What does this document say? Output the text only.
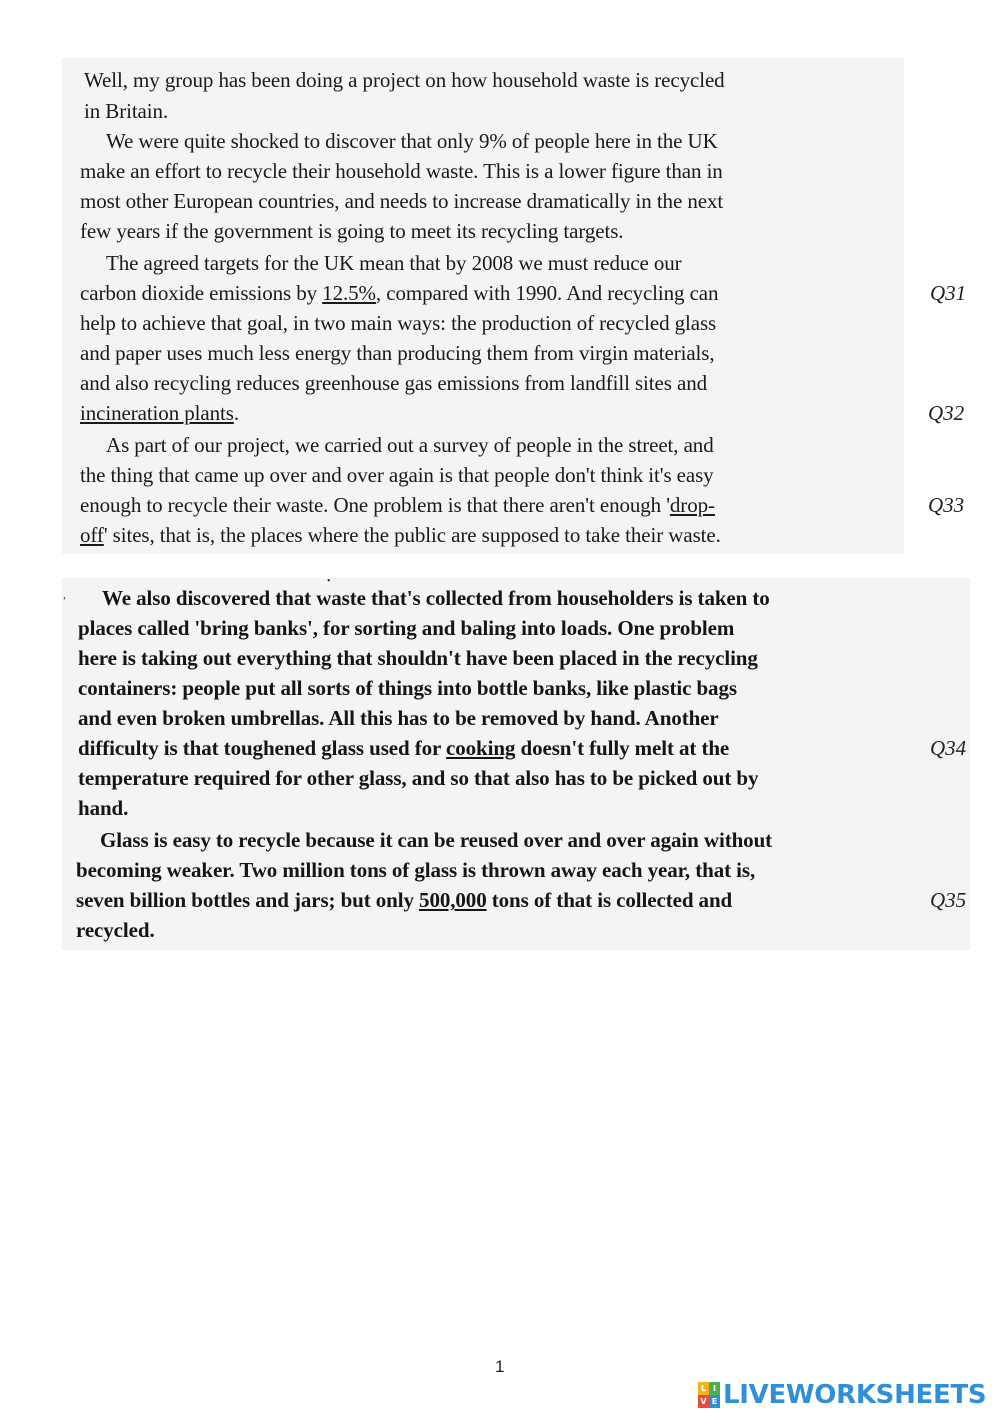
Well, my group has been doing a project on how household waste is recycled
in Britain.
We were quite shocked to discover that only 9% of people here in the UK
make an effort to recycle their household waste. This is a lower figure than in
most other European countries, and needs to increase dramatically in the next
few years if the government is going to meet its recycling targets.
The agreed targets for the UK mean that by 2008 we must reduce our
carbon dioxide emissions by 12.5%, compared with 1990. And recycling can
help to achieve that goal, in two main ways: the production of recycled glass
and paper uses much less energy than producing them from virgin materials,
and also recycling reduces greenhouse gas emissions from landfill sites and
incineration plants.
As part of our project, we carried out a survey of people in the street, and
the thing that came up over and over again is that people don't think it's easy
enough to recycle their waste. One problem is that there aren't enough 'drop-
off' sites, that is, the places where the public are supposed to take their waste.
Q31
Q32
Q33
,
•
We also discovered that waste that's collected from householders is taken to
places called 'bring banks', for sorting and baling into loads. One problem
here is taking out everything that shouldn't have been placed in the recycling
containers: people put all sorts of things into bottle banks, like plastic bags
and even broken umbrellas. All this has to be removed by hand. Another
difficulty is that toughened glass used for cooking doesn't fully melt at the
temperature required for other glass, and so that also has to be picked out by
hand.
Glass is easy to recycle because it can be reused over and over again without
becoming weaker. Two million tons of glass is thrown away each year, that is,
seven billion bottles and jars; but only 500,000 tons of that is collected and
recycled.
Q34
Q35
1
L I
V E LIVEWORKSHEETS
